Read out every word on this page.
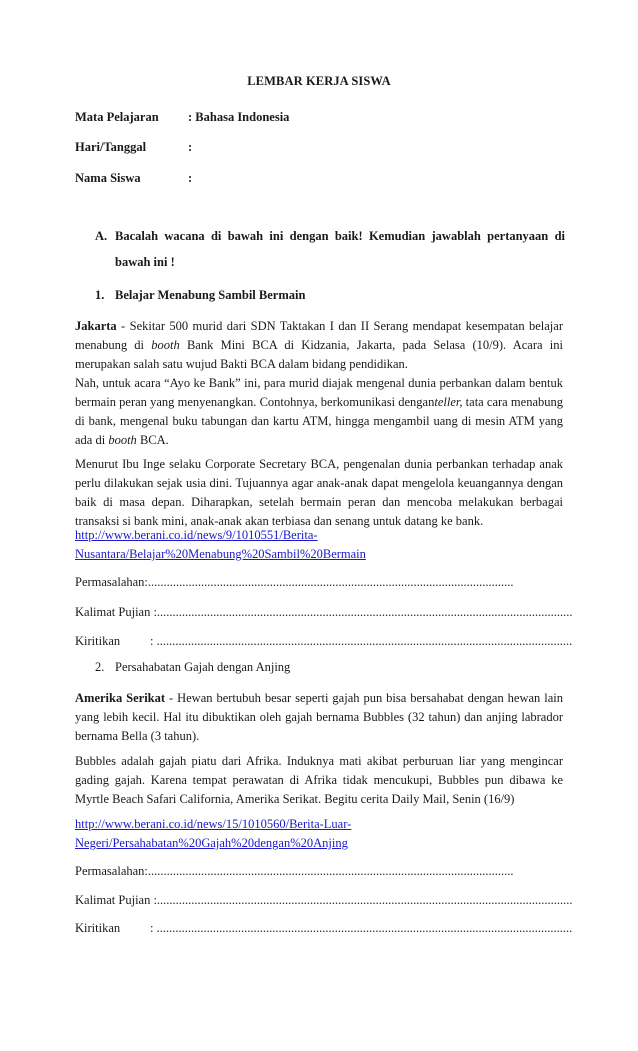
LEMBAR KERJA SISWA
Mata Pelajaran : Bahasa Indonesia
Hari/Tanggal	:
Nama Siswa	:
A. Bacalah wacana di bawah ini dengan baik! Kemudian jawablah pertanyaan di bawah ini !
1. Belajar Menabung Sambil Bermain
Jakarta - Sekitar 500 murid dari SDN Taktakan I dan II Serang mendapat kesempatan belajar menabung di booth Bank Mini BCA di Kidzania, Jakarta, pada Selasa (10/9). Acara ini merupakan salah satu wujud Bakti BCA dalam bidang pendidikan.
Nah, untuk acara “Ayo ke Bank” ini, para murid diajak mengenal dunia perbankan dalam bentuk bermain peran yang menyenangkan. Contohnya, berkomunikasi denganteller, tata cara menabung di bank, mengenal buku tabungan dan kartu ATM, hingga mengambil uang di mesin ATM yang ada di booth BCA.
Menurut Ibu Inge selaku Corporate Secretary BCA, pengenalan dunia perbankan terhadap anak perlu dilakukan sejak usia dini. Tujuannya agar anak-anak dapat mengelola keuangannya dengan baik di masa depan. Diharapkan, setelah bermain peran dan mencoba melakukan berbagai transaksi si bank mini, anak-anak akan terbiasa dan senang untuk datang ke bank.
http://www.berani.co.id/news/9/1010551/Berita-
Nusantara/Belajar%20Menabung%20Sambil%20Bermain
Permasalahan:.....................................................................................................................
Kalimat Pujian :.....................................................................................................................................
Kiritikan : .....................................................................................................................................
2. Persahabatan Gajah dengan Anjing
Amerika Serikat - Hewan bertubuh besar seperti gajah pun bisa bersahabat dengan hewan lain yang lebih kecil. Hal itu dibuktikan oleh gajah bernama Bubbles (32 tahun) dan anjing labrador bernama Bella (3 tahun).
Bubbles adalah gajah piatu dari Afrika. Induknya mati akibat perburuan liar yang mengincar gading gajah. Karena tempat perawatan di Afrika tidak mencukupi, Bubbles pun dibawa ke Myrtle Beach Safari California, Amerika Serikat. Begitu cerita Daily Mail, Senin (16/9)
http://www.berani.co.id/news/15/1010560/Berita-Luar-
Negeri/Persahabatan%20Gajah%20dengan%20Anjing
Permasalahan:.....................................................................................................................
Kalimat Pujian :.....................................................................................................................................
Kiritikan : .....................................................................................................................................
